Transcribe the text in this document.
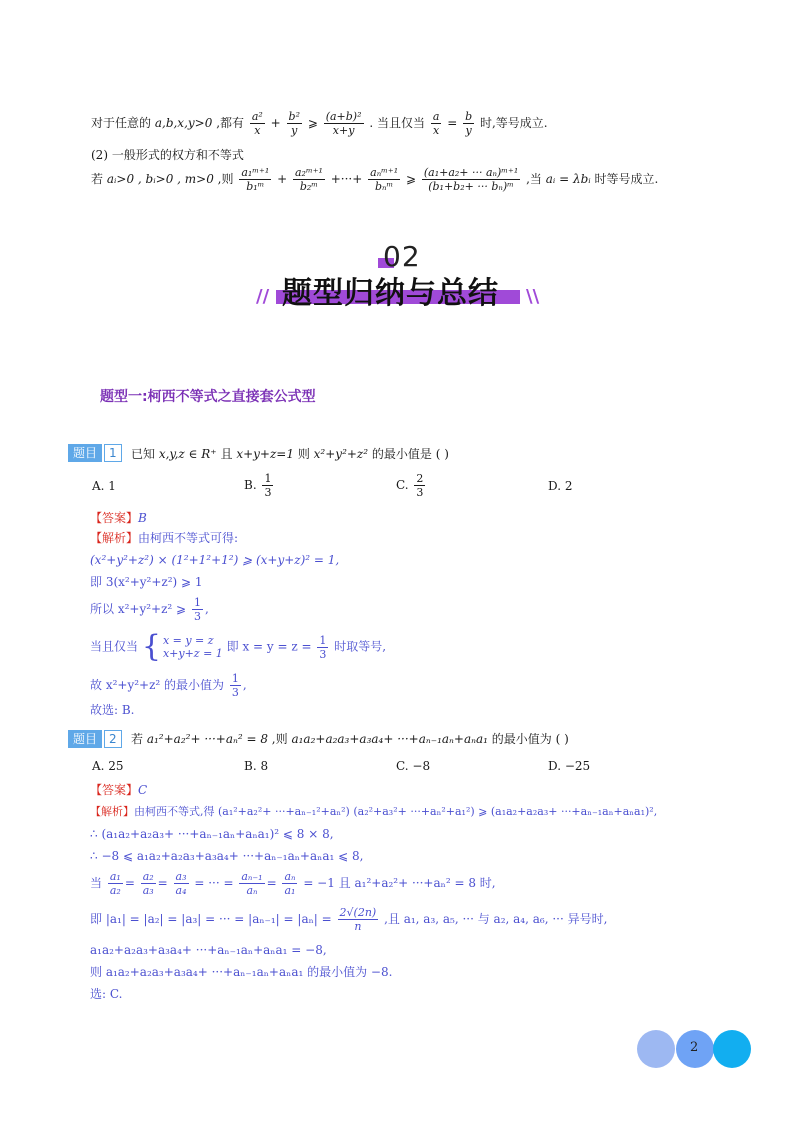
对于任意的 a,b,x,y>0 ,都有 $\frac{\text{a²}}{x} + \frac{\text{b²}}{y}$ ⩾ $\frac{\text{(a+b)²}}{x+y}$ . 当且仅当 $\frac{a}{x} = \frac{b}{y}$ 时,等号成立.
(2) 一般形式的权方和不等式
若 aᵢ>0 , bᵢ>0 , m>0 ,则 $\frac{\text{a₁ᵐ⁺¹}}{\text{b₁ᵐ}} + \frac{\text{a₂ᵐ⁺¹}}{\text{b₂ᵐ}}$ +···+ $\frac{\text{aₙᵐ⁺¹}}{\text{bₙᵐ}}$ ⩾ $\frac{\text{(a₁+a₂+ ··· aₙ)ᵐ⁺¹}}{\text{(b₁+b₂+ ··· bₙ)ᵐ}}$ ,当 aᵢ = λbᵢ 时等号成立.
02
题型归纳与总结
//	\\
题型一:柯西不等式之直接套公式型
题目	1	已知 x,y,z ∈ R⁺ 且 x+y+z=1 则 x²+y²+z² 的最小值是 ( )
A. 1	B. $\frac{1}{3}$	C. $\frac{2}{3}$	D. 2
【答案】B
【解析】由柯西不等式可得:
(x²+y²+z²) × (1²+1²+1²) ⩾ (x+y+z)² = 1,
即 3(x²+y²+z²) ⩾ 1
所以 x²+y²+z² ⩾ $\frac{1}{3}$ ,
当且仅当 { x = y = z
x+y+z = 1 即 $x = y = z = \frac{1}{3}$ 时取等号,
故 x²+y²+z² 的最小值为 $\frac{1}{3}$ ,
故选: B.
题目	2	若 a₁²+a₂²+ ···+aₙ² = 8 ,则 a₁a₂+a₂a₃+a₃a₄+ ···+aₙ₋₁aₙ+aₙa₁ 的最小值为 ( )
A. 25	B. 8	C. −8	D. −25
【答案】C
【解析】由柯西不等式,得 (a₁²+a₂²+ ···+aₙ₋₁²+aₙ²) (a₂²+a₃²+ ···+aₙ²+a₁²) ⩾ (a₁a₂+a₂a₃+ ···+aₙ₋₁aₙ+aₙa₁)²,
∴ (a₁a₂+a₂a₃+ ···+aₙ₋₁aₙ+aₙa₁)² ⩽ 8 × 8,
∴ −8 ⩽ a₁a₂+a₂a₃+a₃a₄+ ···+aₙ₋₁aₙ+aₙa₁ ⩽ 8,
当 $\frac{\text{a₁}}{\text{a₂}} = \frac{\text{a₂}}{\text{a₃}} = \frac{\text{a₃}}{\text{a₄}}$ = ··· = $\frac{\text{aₙ₋₁}}{\text{aₙ}} = \frac{\text{aₙ}}{\text{a₁}} = -1$ 且 a₁²+a₂²+ ···+aₙ² = 8 时,
即 |a₁| = |a₂| = |a₃| = ··· = $|a_{n-1}| = |a_n| = \frac{2√(2n)}{n}$ ,且 a₁, a₃, a₅, ··· 与 a₂, a₄, a₆, ··· 异号时,
a₁a₂+a₂a₃+a₃a₄+ ···+aₙ₋₁aₙ+aₙa₁ = −8,
则 a₁a₂+a₂a₃+a₃a₄+ ···+aₙ₋₁aₙ+aₙa₁ 的最小值为 −8.
选: C.
2
